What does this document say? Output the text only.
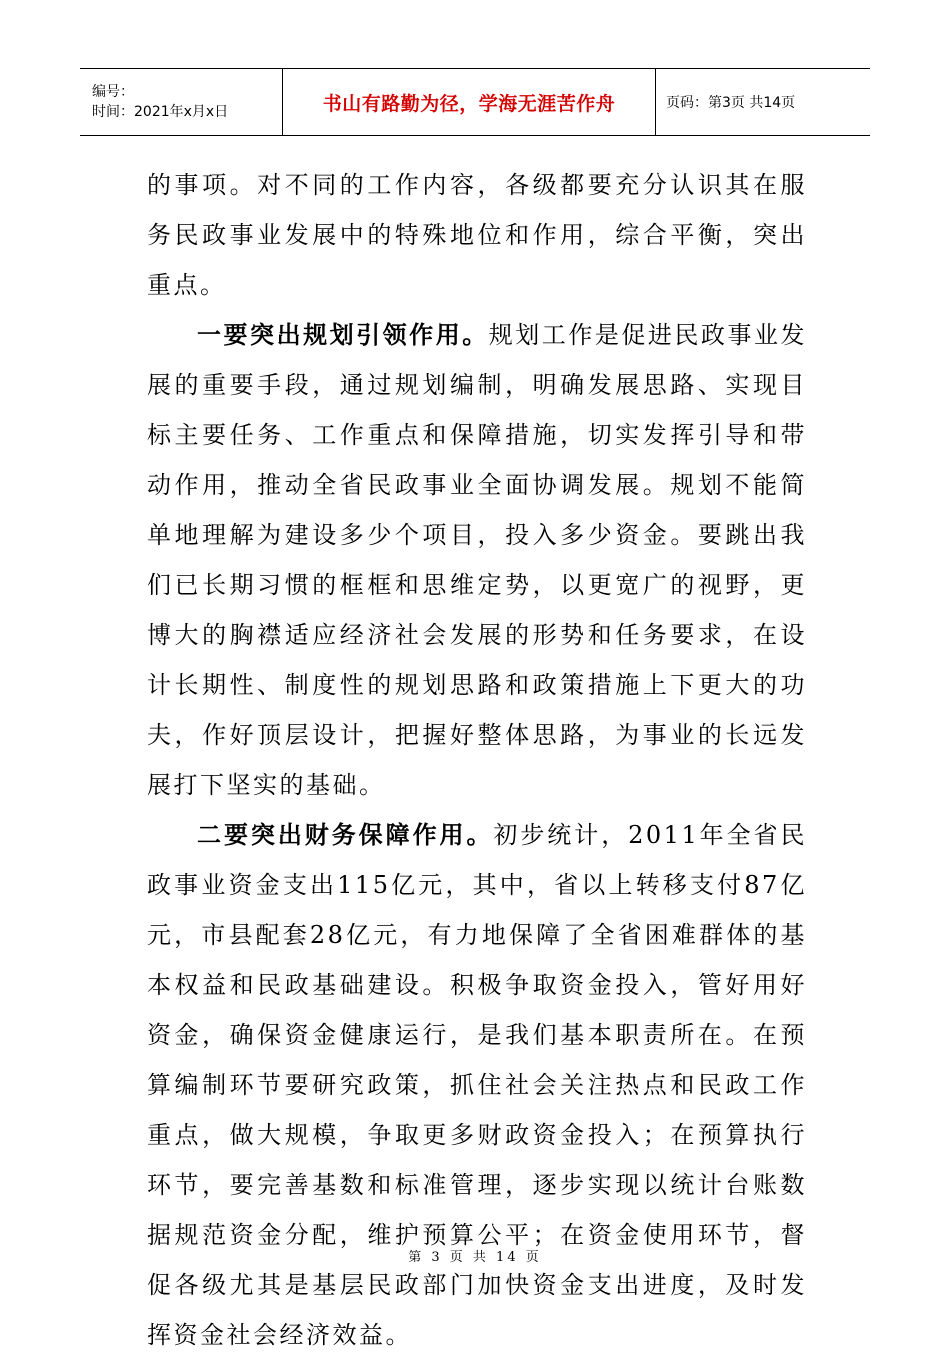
编号：
时间：2021年x月x日	书山有路勤为径，学海无涯苦作舟	页码：第3页 共14页

的事项。对不同的工作内容，各级都要充分认识其在服务民政事业发展中的特殊地位和作用，综合平衡，突出重点。

一要突出规划引领作用。规划工作是促进民政事业发展的重要手段，通过规划编制，明确发展思路、实现目标主要任务、工作重点和保障措施，切实发挥引导和带动作用，推动全省民政事业全面协调发展。规划不能简单地理解为建设多少个项目，投入多少资金。要跳出我们已长期习惯的框框和思维定势，以更宽广的视野，更博大的胸襟适应经济社会发展的形势和任务要求，在设计长期性、制度性的规划思路和政策措施上下更大的功夫，作好顶层设计，把握好整体思路，为事业的长远发展打下坚实的基础。

二要突出财务保障作用。初步统计，2011年全省民政事业资金支出115亿元，其中，省以上转移支付87亿元，市县配套28亿元，有力地保障了全省困难群体的基本权益和民政基础建设。积极争取资金投入，管好用好资金，确保资金健康运行，是我们基本职责所在。在预算编制环节要研究政策，抓住社会关注热点和民政工作重点，做大规模，争取更多财政资金投入；在预算执行环节，要完善基数和标准管理，逐步实现以统计台账数据规范资金分配，维护预算公平；在资金使用环节，督促各级尤其是基层民政部门加快资金支出进度，及时发挥资金社会经济效益。

第 3 页 共 14 页
